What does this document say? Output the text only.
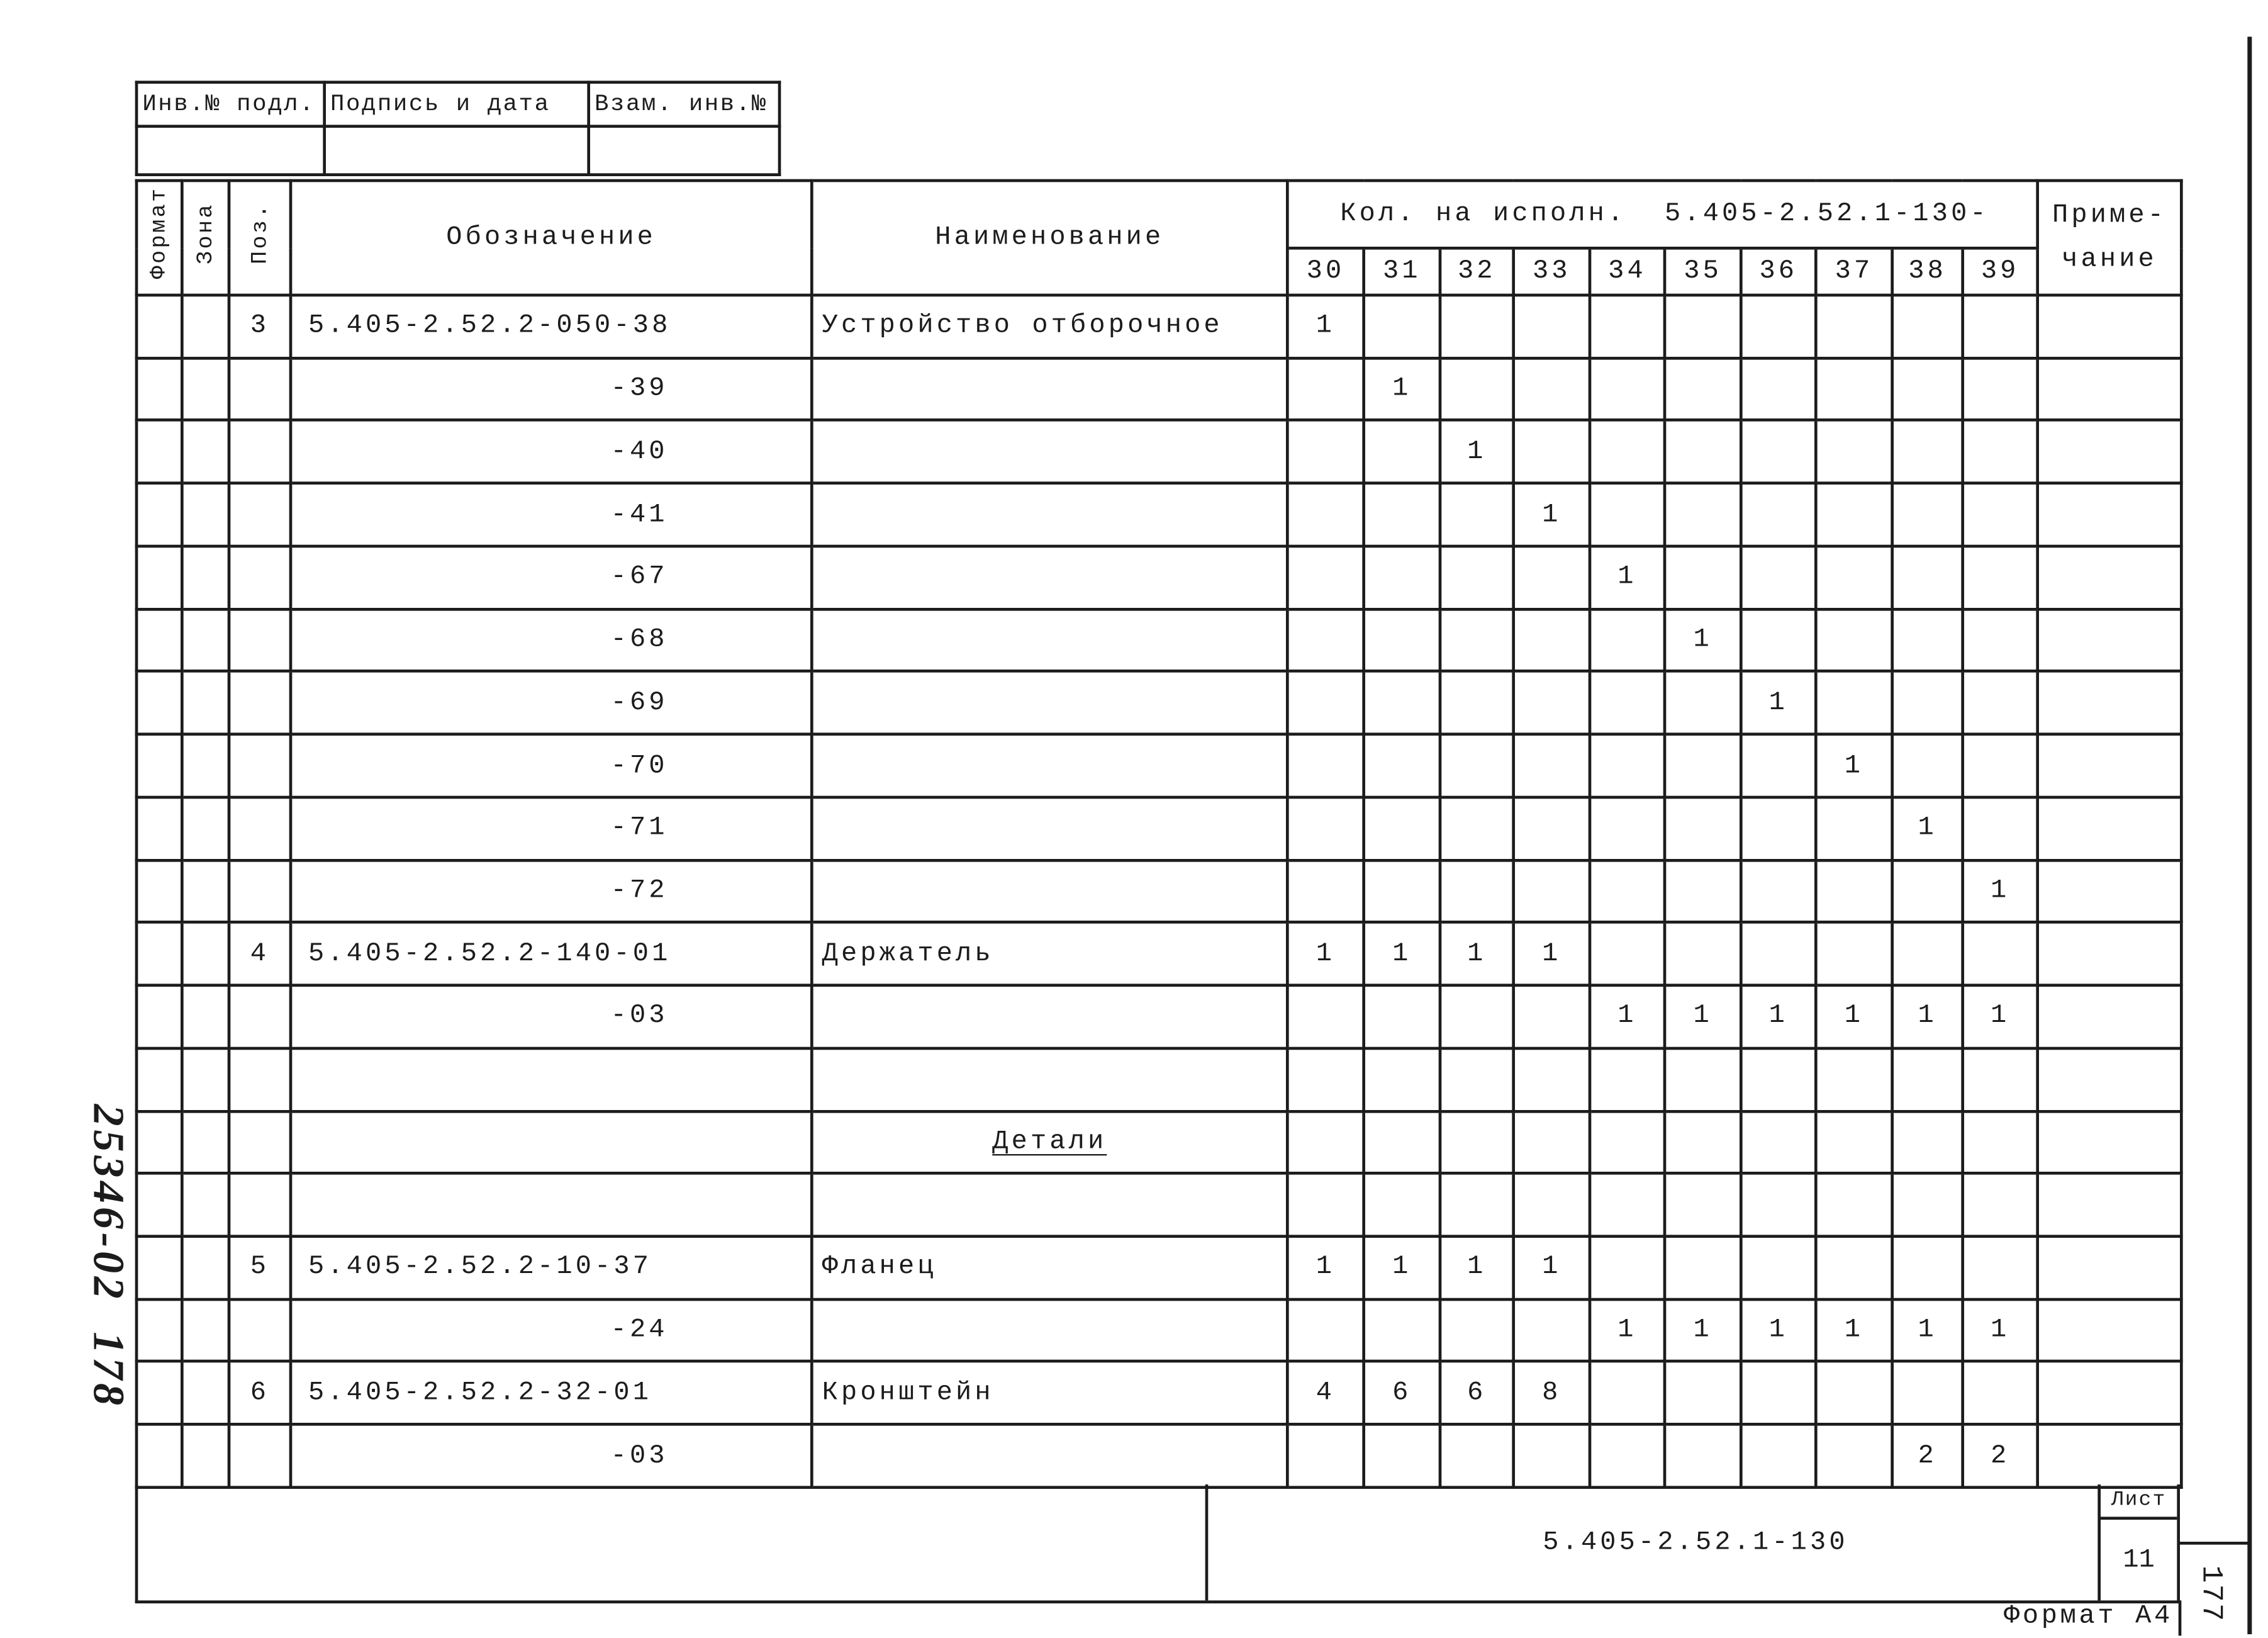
Инв.№ подл.	Подпись и дата	Взам. инв.№

Формат	Зона	Поз.	Обозначение	Наименование	Кол. на исполн.  5.405-2.52.1-130-										Приме-
чание

					30	31	32	33	34	35	36	37	38	39	
		3	5.405-2.52.2-050-38	Устройство отборочное	1										
			-39			1									
			-40				1								
			-41					1							
			-67						1						
			-68							1					
			-69								1				
			-70									1			
			-71										1		
			-72											1	
		4	5.405-2.52.2-140-01	Держатель	1	1	1	1							
			-03						1	1	1	1	1	1	

				Детали											

		5	5.405-2.52.2-10-37	Фланец	1	1	1	1							
			-24						1	1	1	1	1	1	
		6	5.405-2.52.2-32-01	Кронштейн	4	6	6	8							
			-03										2	2	
5.405-2.52.1-130
Лист
11
Формат А4 177
25346-02  178
